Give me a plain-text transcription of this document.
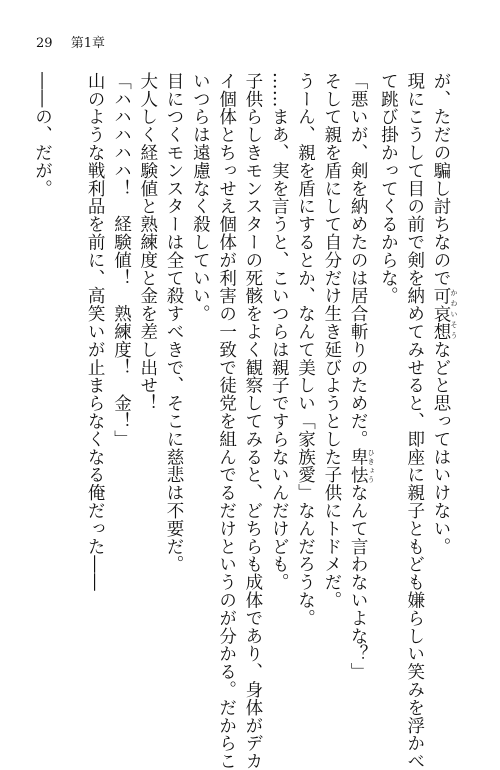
29 第1章
が、ただの騙し討ちなので可哀想 かわいそうなどと思ってはいけない。
現にこうして目の前で剣を納めてみせると、即座に親子ともども嫌らしい笑みを浮かべ
て跳び掛かってくるからな。
「悪いが、剣を納めたのは居合斬りのためだ。卑怯 ひきょうなんて言わないよな？」
そして親を盾にして自分だけ生き延びようとした子供にトドメだ。
うーん、親を盾にするとか、なんて美しい「家族愛」なんだろうな。
……まあ、実を言うと、こいつらは親子ですらないんだけども。
子供らしきモンスターの死骸をよく観察してみると、どちらも成体であり、身体がデカ
イ個体とちっせえ個体が利害の一致で徒党を組んでるだけというのが分かる。だからこ
いつらは遠慮なく殺していい。
目につくモンスターは全て殺すべきで、そこに慈悲は不要だ。
大人しく経験値と熟練度と金を差し出せ！
「ハハハハハ！　経験値！　熟練度！　金！」
山のような戦利品を前に、高笑いが止まらなくなる俺だった――
――の、だが。
